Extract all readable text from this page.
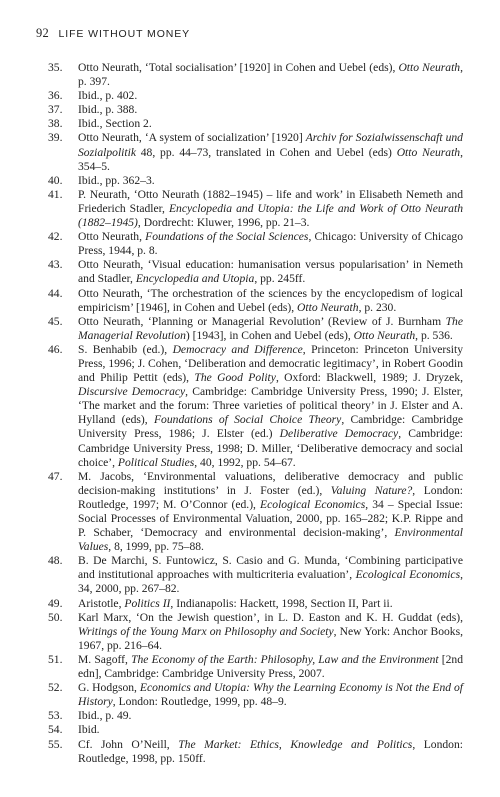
92 LIFE WITHOUT MONEY
35. Otto Neurath, ‘Total socialisation’ [1920] in Cohen and Uebel (eds), Otto Neurath, p. 397.
36. Ibid., p. 402.
37. Ibid., p. 388.
38. Ibid., Section 2.
39. Otto Neurath, ‘A system of socialization’ [1920] Archiv for Sozialwissenschaft und Sozialpolitik 48, pp. 44–73, translated in Cohen and Uebel (eds) Otto Neurath, 354–5.
40. Ibid., pp. 362–3.
41. P. Neurath, ‘Otto Neurath (1882–1945) – life and work’ in Elisabeth Nemeth and Friederich Stadler, Encyclopedia and Utopia: the Life and Work of Otto Neurath (1882–1945), Dordrecht: Kluwer, 1996, pp. 21–3.
42. Otto Neurath, Foundations of the Social Sciences, Chicago: University of Chicago Press, 1944, p. 8.
43. Otto Neurath, ‘Visual education: humanisation versus popularisation’ in Nemeth and Stadler, Encyclopedia and Utopia, pp. 245ff.
44. Otto Neurath, ‘The orchestration of the sciences by the encyclopedism of logical empiricism’ [1946], in Cohen and Uebel (eds), Otto Neurath, p. 230.
45. Otto Neurath, ‘Planning or Managerial Revolution’ (Review of J. Burnham The Managerial Revolution) [1943], in Cohen and Uebel (eds), Otto Neurath, p. 536.
46. S. Benhabib (ed.), Democracy and Difference, Princeton: Princeton University Press, 1996; J. Cohen, ‘Deliberation and democratic legitimacy’, in Robert Goodin and Philip Pettit (eds), The Good Polity, Oxford: Blackwell, 1989; J. Dryzek, Discursive Democracy, Cambridge: Cambridge University Press, 1990; J. Elster, ‘The market and the forum: Three varieties of political theory’ in J. Elster and A. Hylland (eds), Foundations of Social Choice Theory, Cambridge: Cambridge University Press, 1986; J. Elster (ed.) Deliberative Democracy, Cambridge: Cambridge University Press, 1998; D. Miller, ‘Deliberative democracy and social choice’, Political Studies, 40, 1992, pp. 54–67.
47. M. Jacobs, ‘Environmental valuations, deliberative democracy and public decision-making institutions’ in J. Foster (ed.), Valuing Nature?, London: Routledge, 1997; M. O’Connor (ed.), Ecological Economics, 34 – Special Issue: Social Processes of Environmental Valuation, 2000, pp. 165–282; K.P. Rippe and P. Schaber, ‘Democracy and environmental decision-making’, Environmental Values, 8, 1999, pp. 75–88.
48. B. De Marchi, S. Funtowicz, S. Casio and G. Munda, ‘Combining participative and institutional approaches with multicriteria evaluation’, Ecological Economics, 34, 2000, pp. 267–82.
49. Aristotle, Politics II, Indianapolis: Hackett, 1998, Section II, Part ii.
50. Karl Marx, ‘On the Jewish question’, in L. D. Easton and K. H. Guddat (eds), Writings of the Young Marx on Philosophy and Society, New York: Anchor Books, 1967, pp. 216–64.
51. M. Sagoff, The Economy of the Earth: Philosophy, Law and the Environment [2nd edn], Cambridge: Cambridge University Press, 2007.
52. G. Hodgson, Economics and Utopia: Why the Learning Economy is Not the End of History, London: Routledge, 1999, pp. 48–9.
53. Ibid., p. 49.
54. Ibid.
55. Cf. John O’Neill, The Market: Ethics, Knowledge and Politics, London: Routledge, 1998, pp. 150ff.
